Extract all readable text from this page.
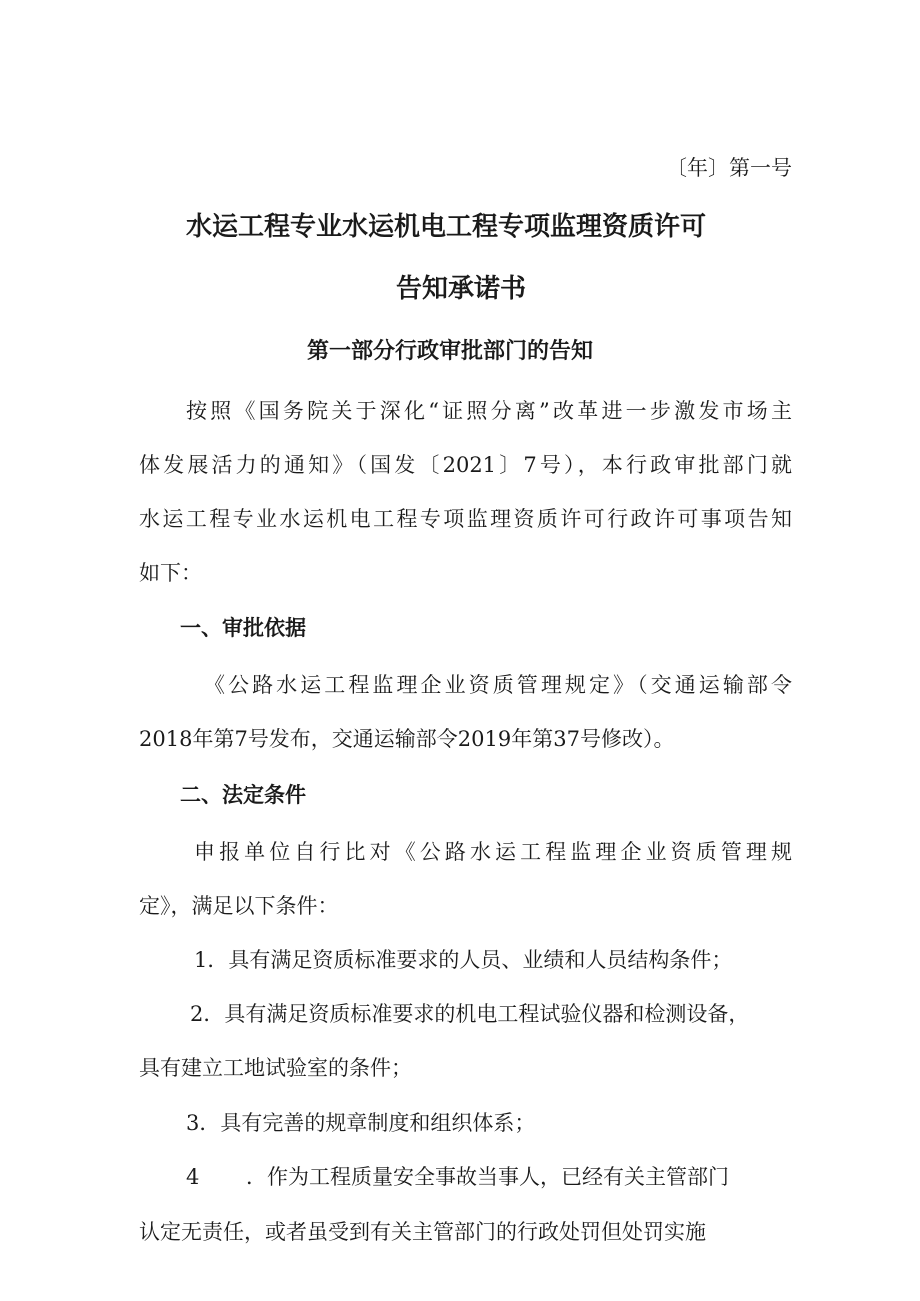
〔年〕第一号
水运工程专业水运机电工程专项监理资质许可
告知承诺书
第一部分行政审批部门的告知
按照《国务院关于深化“证照分离”改革进一步激发市场主
体发展活力的通知》（国发〔2021〕7号），本行政审批部门就
水运工程专业水运机电工程专项监理资质许可行政许可事项告知
如下：
一、审批依据
《公路水运工程监理企业资质管理规定》（交通运输部令
2018年第7号发布，交通运输部令2019年第37号修改）。
二、法定条件
申报单位自行比对《公路水运工程监理企业资质管理规
定》，满足以下条件：
1．具有满足资质标准要求的人员、业绩和人员结构条件；
2．具有满足资质标准要求的机电工程试验仪器和检测设备，
具有建立工地试验室的条件；
3．具有完善的规章制度和组织体系；
4 ．作为工程质量安全事故当事人，已经有关主管部门
认定无责任，或者虽受到有关主管部门的行政处罚但处罚实施
